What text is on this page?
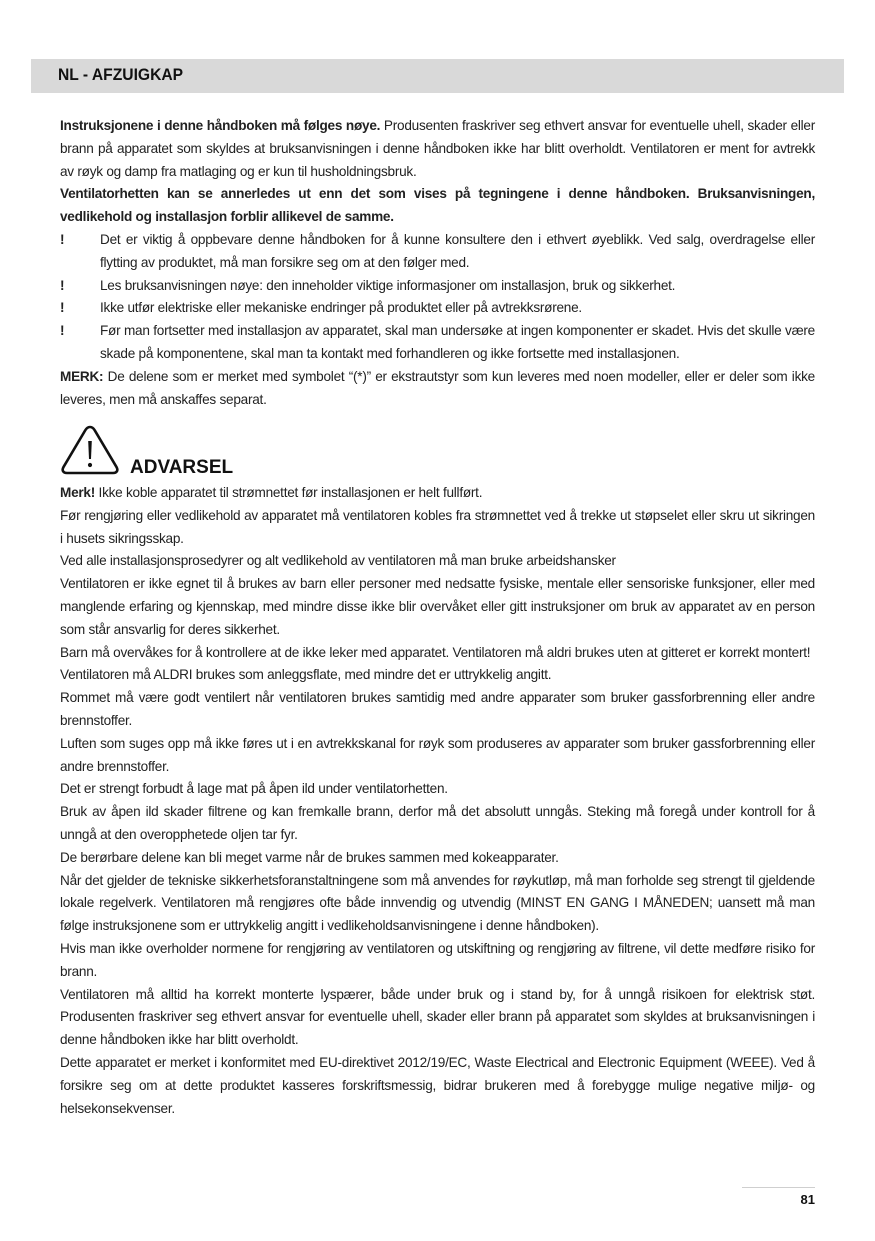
NL - AFZUIGKAP

Instruksjonene i denne håndboken må følges nøye. Produsenten fraskriver seg ethvert ansvar for eventuelle uhell, skader eller brann på apparatet som skyldes at bruksanvisningen i denne håndboken ikke har blitt overholdt. Ventilatoren er ment for avtrekk av røyk og damp fra matlaging og er kun til husholdningsbruk.

Ventilatorhetten kan se annerledes ut enn det som vises på tegningene i denne håndboken. Bruksanvisningen, vedlikehold og installasjon forblir allikevel de samme.

!	Det er viktig å oppbevare denne håndboken for å kunne konsultere den i ethvert øyeblikk. Ved salg, overdragelse eller flytting av produktet, må man forsikre seg om at den følger med.
!	Les bruksanvisningen nøye: den inneholder viktige informasjoner om installasjon, bruk og sikkerhet.
!	Ikke utfør elektriske eller mekaniske endringer på produktet eller på avtrekksrørene.
!	Før man fortsetter med installasjon av apparatet, skal man undersøke at ingen komponenter er skadet. Hvis det skulle være skade på komponentene, skal man ta kontakt med forhandleren og ikke fortsette med installasjonen.

MERK: De delene som er merket med symbolet “(*)” er ekstrautstyr som kun leveres med noen modeller, eller er deler som ikke leveres, men må anskaffes separat.

ADVARSEL

Merk! Ikke koble apparatet til strømnettet før installasjonen er helt fullført.

Før rengjøring eller vedlikehold av apparatet må ventilatoren kobles fra strømnettet ved å trekke ut støpselet eller skru ut sikringen i husets sikringsskap.

Ved alle installasjonsprosedyrer og alt vedlikehold av ventilatoren må man bruke arbeidshansker

Ventilatoren er ikke egnet til å brukes av barn eller personer med nedsatte fysiske, mentale eller sensoriske funksjoner, eller med manglende erfaring og kjennskap, med mindre disse ikke blir overvåket eller gitt instruksjoner om bruk av apparatet av en person som står ansvarlig for deres sikkerhet.

Barn må overvåkes for å kontrollere at de ikke leker med apparatet. Ventilatoren må aldri brukes uten at gitteret er korrekt montert!

Ventilatoren må ALDRI brukes som anleggsflate, med mindre det er uttrykkelig angitt.

Rommet må være godt ventilert når ventilatoren brukes samtidig med andre apparater som bruker gassforbrenning eller andre brennstoffer.

Luften som suges opp må ikke føres ut i en avtrekkskanal for røyk som produseres av apparater som bruker gassforbrenning eller andre brennstoffer.

Det er strengt forbudt å lage mat på åpen ild under ventilatorhetten.

Bruk av åpen ild skader filtrene og kan fremkalle brann, derfor må det absolutt unngås. Steking må foregå under kontroll for å unngå at den overopphetede oljen tar fyr.

De berørbare delene kan bli meget varme når de brukes sammen med kokeapparater.

Når det gjelder de tekniske sikkerhetsforanstaltningene som må anvendes for røykutløp, må man forholde seg strengt til gjeldende lokale regelverk. Ventilatoren må rengjøres ofte både innvendig og utvendig (MINST EN GANG I MÅNEDEN; uansett må man følge instruksjonene som er uttrykkelig angitt i vedlikeholdsanvisningene i denne håndboken).

Hvis man ikke overholder normene for rengjøring av ventilatoren og utskiftning og rengjøring av filtrene, vil dette medføre risiko for brann.

Ventilatoren må alltid ha korrekt monterte lyspærer, både under bruk og i stand by, for å unngå risikoen for elektrisk støt. Produsenten fraskriver seg ethvert ansvar for eventuelle uhell, skader eller brann på apparatet som skyldes at bruksanvisningen i denne håndboken ikke har blitt overholdt.

Dette apparatet er merket i konformitet med EU-direktivet 2012/19/EC, Waste Electrical and Electronic Equipment (WEEE). Ved å forsikre seg om at dette produktet kasseres forskriftsmessig, bidrar brukeren med å forebygge mulige negative miljø- og helsekonsekvenser.

81
